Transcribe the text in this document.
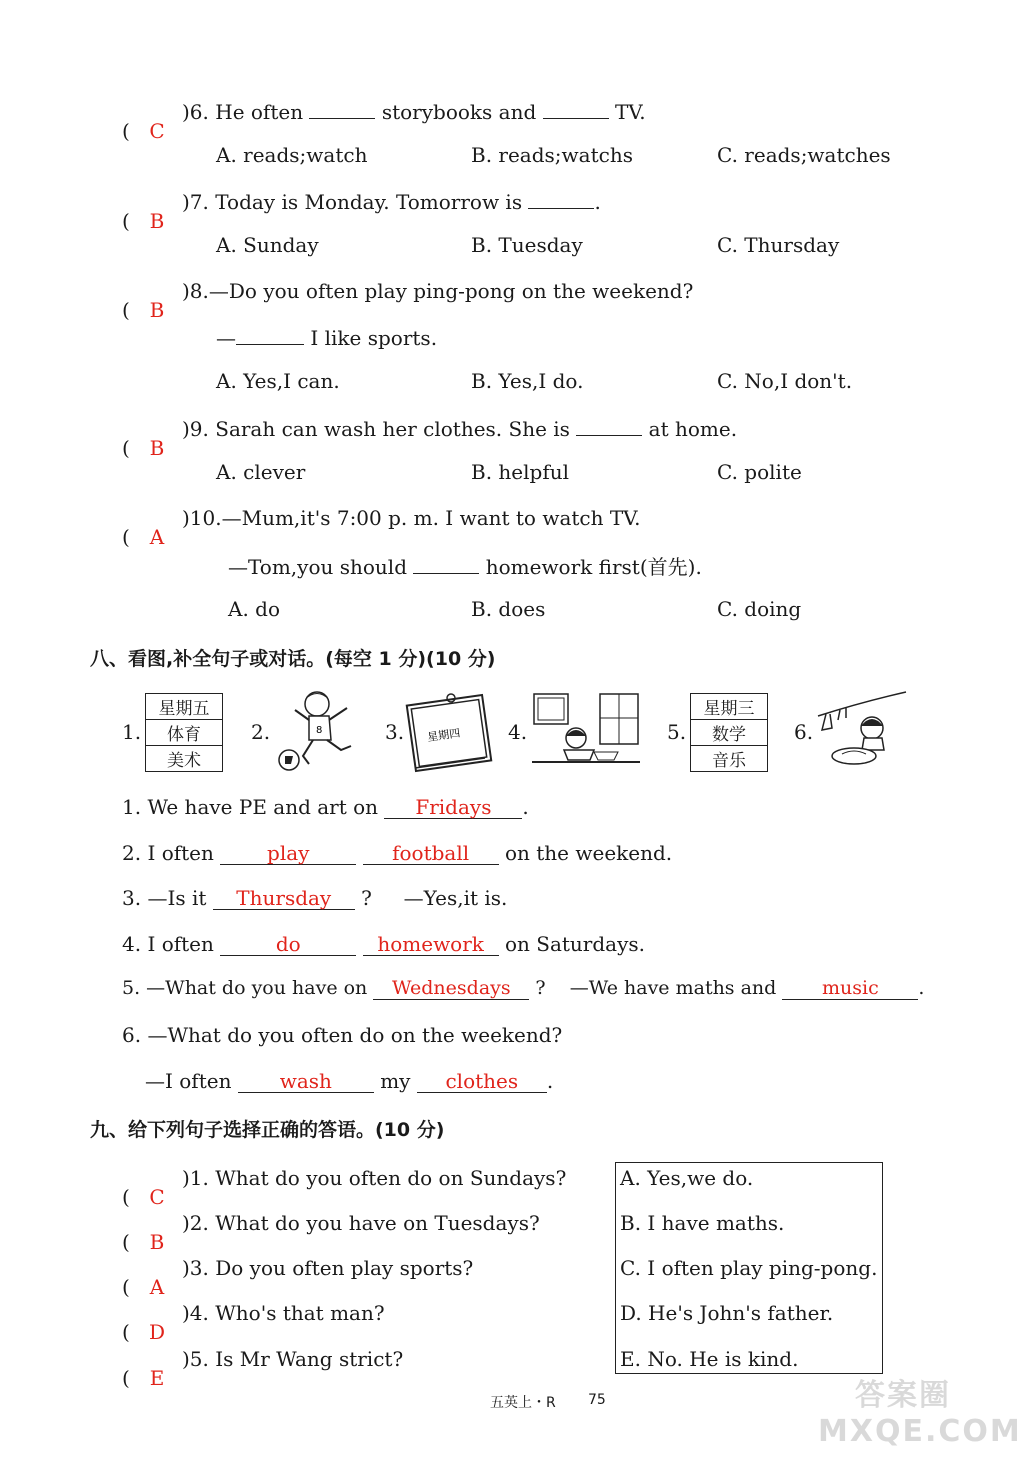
( C
)6. He often	storybooks and	TV.
A. reads;watch	B. reads;watchs	C. reads;watches
( B
)7. Today is Monday. Tomorrow is	.
A. Sunday	B. Tuesday	C. Thursday
( B
)8.—Do you often play ping-pong on the weekend?
—	I like sports.
A. Yes,I can.	B. Yes,I do.	C. No,I don't.
( B
)9. Sarah can wash her clothes. She is	at home.
A. clever	B. helpful	C. polite
( A
)10.—Mum,it's 7:00 p. m. I want to watch TV.
—Tom,you should	homework first(首先).
A. do	B. does	C. doing
八、看图,补全句子或对话。(每空 1 分)(10 分)
1.
星期五
体育
美术
2.	8	3. 星期四 4.	5.
星期三
数学
音乐
6.
1. We have PE and art on Fridays .
2. I often	play	football on the weekend.
3. —Is it Thursday ? —Yes,it is.
4. I often	do	homework on Saturdays.
5. —What do you have on Wednesdays ? —We have maths and music .
6. —What do you often do on the weekend?
—I often wash my clothes .
九、给下列句子选择正确的答语。(10 分)
( C
)1. What do you often do on Sundays?
( B
)2. What do you have on Tuesdays?
( A
)3. Do you often play sports?
( D
)4. Who's that man?
( E
)5. Is Mr Wang strict?
A. Yes,we do.
B. I have maths.
C. I often play ping-pong.
D. He's John's father.
E. No. He is kind.
五英上・R 75	答案圈 MXQE.COM
